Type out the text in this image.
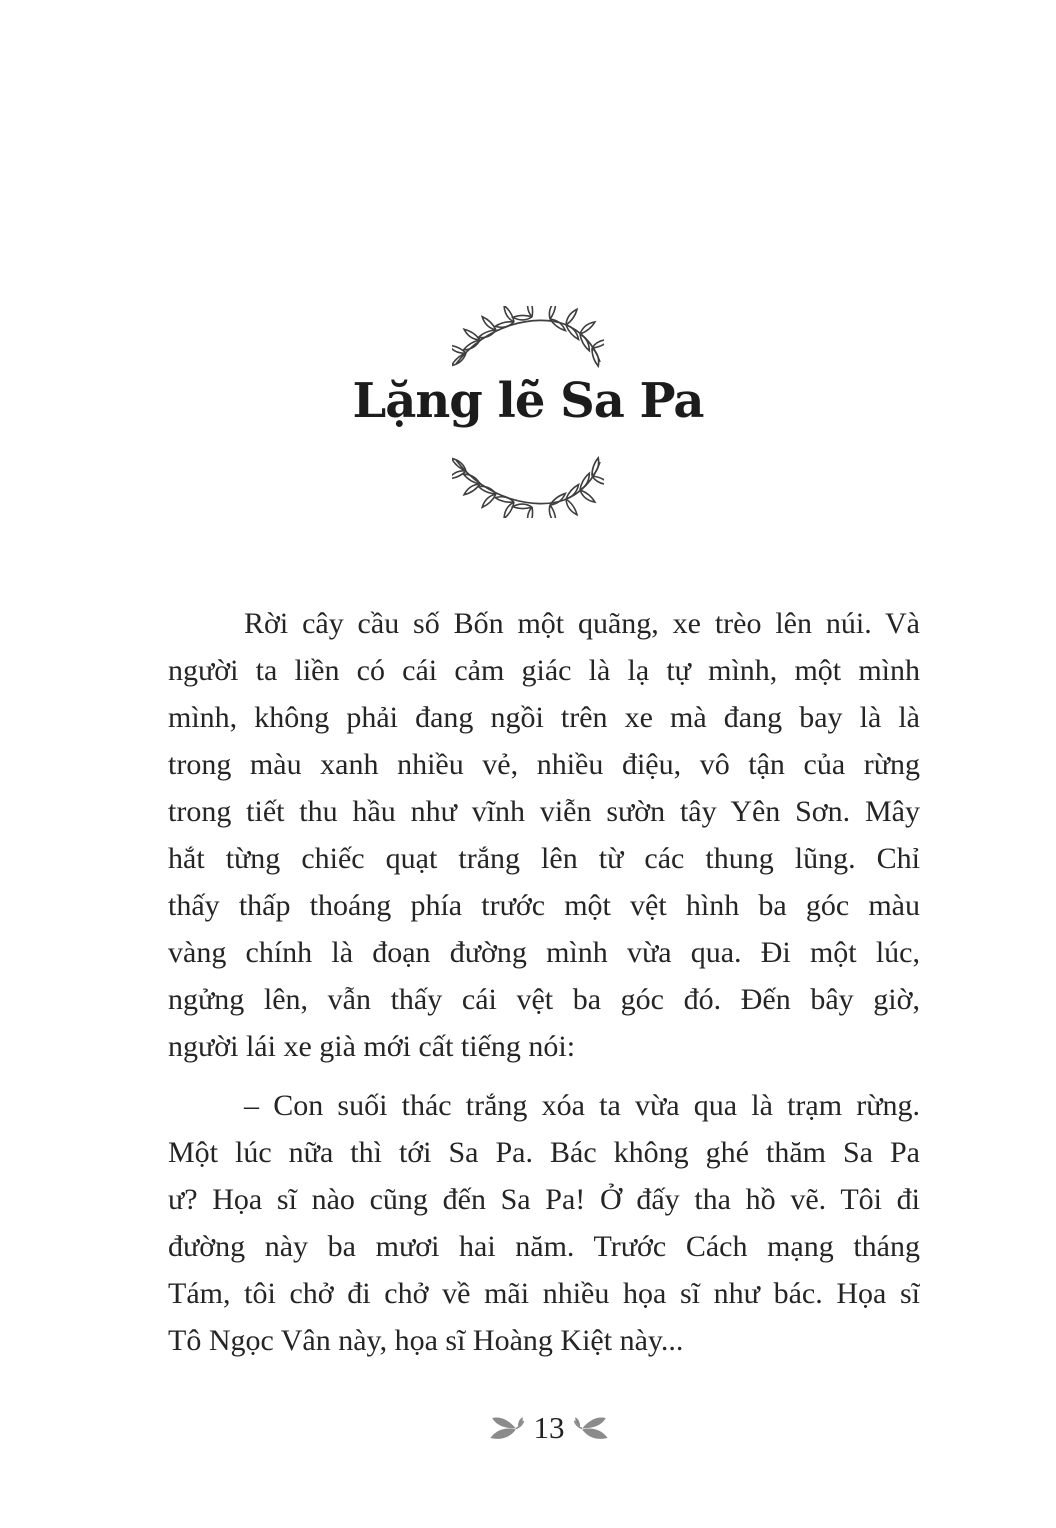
Lặng lẽ Sa Pa
Rời cây cầu số Bốn một quãng, xe trèo lên núi. Và
người ta liền có cái cảm giác là lạ tự mình, một mình
mình, không phải đang ngồi trên xe mà đang bay là là
trong màu xanh nhiều vẻ, nhiều điệu, vô tận của rừng
trong tiết thu hầu như vĩnh viễn sườn tây Yên Sơn. Mây
hắt từng chiếc quạt trắng lên từ các thung lũng. Chỉ
thấy thấp thoáng phía trước một vệt hình ba góc màu
vàng chính là đoạn đường mình vừa qua. Đi một lúc,
ngửng lên, vẫn thấy cái vệt ba góc đó. Đến bây giờ,
người lái xe già mới cất tiếng nói:
– Con suối thác trắng xóa ta vừa qua là trạm rừng.
Một lúc nữa thì tới Sa Pa. Bác không ghé thăm Sa Pa
ư? Họa sĩ nào cũng đến Sa Pa! Ở đấy tha hồ vẽ. Tôi đi
đường này ba mươi hai năm. Trước Cách mạng tháng
Tám, tôi chở đi chở về mãi nhiều họa sĩ như bác. Họa sĩ
Tô Ngọc Vân này, họa sĩ Hoàng Kiệt này...
13
